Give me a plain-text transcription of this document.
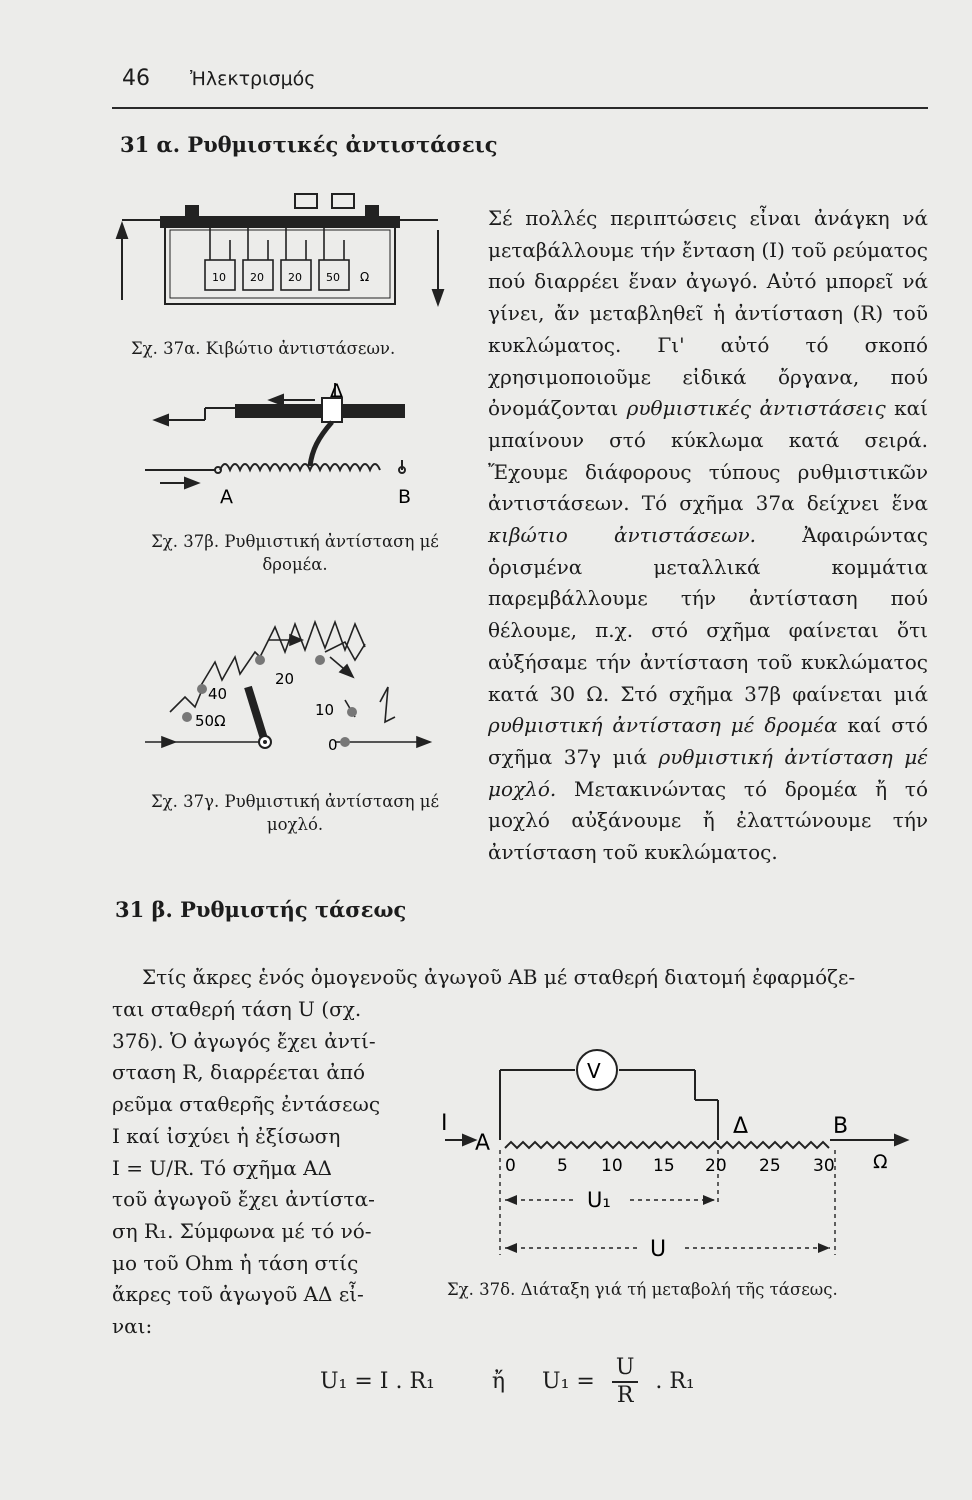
46 Ἠλεκτρισμός
31 α. Ρυθμιστικές ἀντιστάσεις
10 20 20 50 Ω
Σχ. 37α. Κιβώτιο ἀντιστάσεων.
Δ
Α	Β
Σχ. 37β. Ρυθμιστική ἀντίσταση μέ
δρομέα.
20
40
10
50Ω
0
Σχ. 37γ. Ρυθμιστική ἀντίσταση μέ
μοχλό.

Σέ πολλές περιπτώσεις εἶναι ἀνάγκη νά μεταβάλλουμε τήν ἔνταση (I) τοῦ ρεύματος πού διαρρέει ἕναν ἀγωγό. Αὐτό μπορεῖ νά γίνει, ἄν μεταβληθεῖ ἡ ἀντίσταση (R) τοῦ κυκλώματος. Γι' αὐτό τό σκοπό χρησιμοποιοῦμε εἰδικά ὄργανα, πού ὀνομάζονται ρυθμιστικές ἀντιστάσεις καί μπαίνουν στό κύκλωμα κατά σειρά. Ἔχουμε διάφορους τύπους ρυθμιστικῶν ἀντιστάσεων. Τό σχῆμα 37α δείχνει ἕνα κιβώτιο ἀντιστάσεων. Ἀφαιρώντας ὁρισμένα μεταλλικά κομμάτια παρεμβάλλουμε τήν ἀντίσταση πού θέλουμε, π.χ. στό σχῆμα φαίνεται ὅτι αὐξήσαμε τήν ἀντίσταση τοῦ κυκλώματος κατά 30 Ω. Στό σχῆμα 37β φαίνεται μιά ρυθμιστική ἀντίσταση μέ δρομέα καί στό σχῆμα 37γ μιά ρυθμιστική ἀντίσταση μέ μοχλό. Μετακινώντας τό δρομέα ἤ τό μοχλό αὐξάνουμε ἤ ἐλαττώνουμε τήν ἀντίσταση τοῦ κυκλώματος.

31 β. Ρυθμιστής τάσεως
Στίς ἄκρες ἑνός ὁμογενοῦς ἀγωγοῦ ΑΒ μέ σταθερή διατομή ἐφαρμόζε-
ται σταθερή τάση U (σχ.
37δ). Ὁ ἀγωγός ἔχει ἀντί-
σταση R, διαρρέεται ἀπό
ρεῦμα σταθερῆς ἐντάσεως
I καί ἰσχύει ἡ ἐξίσωση
I = U/R. Τό σχῆμα ΑΔ
τοῦ ἀγωγοῦ ἔχει ἀντίστα-
ση R₁. Σύμφωνα μέ τό νό-
μο τοῦ Ohm ἡ τάση στίς
ἄκρες τοῦ ἀγωγοῦ ΑΔ εἶ-
ναι:
V
I
Α
Δ	Β
Ω
0 5 10 15 20 25 30
U₁
U
Σχ. 37δ. Διάταξη γιά τή μεταβολή τῆς τάσεως.
U₁ = I . R₁	ἤ $U_1 = \frac{U}{R}$ . R₁
